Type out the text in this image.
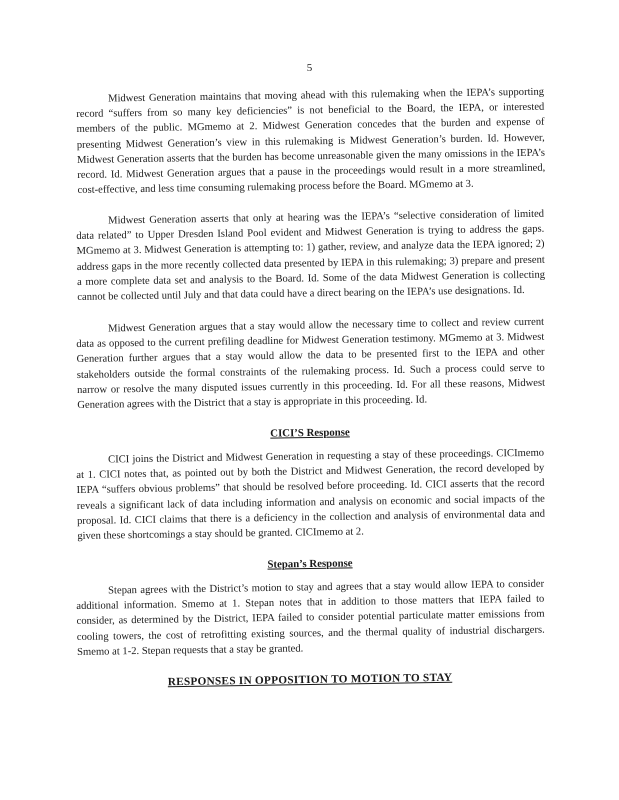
5

Midwest Generation maintains that moving ahead with this rulemaking when the IEPA’s supporting record “suffers from so many key deficiencies” is not beneficial to the Board, the IEPA, or interested members of the public. MGmemo at 2. Midwest Generation concedes that the burden and expense of presenting Midwest Generation’s view in this rulemaking is Midwest Generation’s burden. Id. However, Midwest Generation asserts that the burden has become unreasonable given the many omissions in the IEPA’s record. Id. Midwest Generation argues that a pause in the proceedings would result in a more streamlined, cost-effective, and less time consuming rulemaking process before the Board. MGmemo at 3.

Midwest Generation asserts that only at hearing was the IEPA’s “selective consideration of limited data related” to Upper Dresden Island Pool evident and Midwest Generation is trying to address the gaps. MGmemo at 3. Midwest Generation is attempting to: 1) gather, review, and analyze data the IEPA ignored; 2) address gaps in the more recently collected data presented by IEPA in this rulemaking; 3) prepare and present a more complete data set and analysis to the Board. Id. Some of the data Midwest Generation is collecting cannot be collected until July and that data could have a direct bearing on the IEPA’s use designations. Id.

Midwest Generation argues that a stay would allow the necessary time to collect and review current data as opposed to the current prefiling deadline for Midwest Generation testimony. MGmemo at 3. Midwest Generation further argues that a stay would allow the data to be presented first to the IEPA and other stakeholders outside the formal constraints of the rulemaking process. Id. Such a process could serve to narrow or resolve the many disputed issues currently in this proceeding. Id. For all these reasons, Midwest Generation agrees with the District that a stay is appropriate in this proceeding. Id.

CICI’S Response

CICI joins the District and Midwest Generation in requesting a stay of these proceedings. CICImemo at 1. CICI notes that, as pointed out by both the District and Midwest Generation, the record developed by IEPA “suffers obvious problems” that should be resolved before proceeding. Id. CICI asserts that the record reveals a significant lack of data including information and analysis on economic and social impacts of the proposal. Id. CICI claims that there is a deficiency in the collection and analysis of environmental data and given these shortcomings a stay should be granted. CICImemo at 2.

Stepan’s Response

Stepan agrees with the District’s motion to stay and agrees that a stay would allow IEPA to consider additional information. Smemo at 1. Stepan notes that in addition to those matters that IEPA failed to consider, as determined by the District, IEPA failed to consider potential particulate matter emissions from cooling towers, the cost of retrofitting existing sources, and the thermal quality of industrial dischargers. Smemo at 1-2. Stepan requests that a stay be granted.

RESPONSES IN OPPOSITION TO MOTION TO STAY
